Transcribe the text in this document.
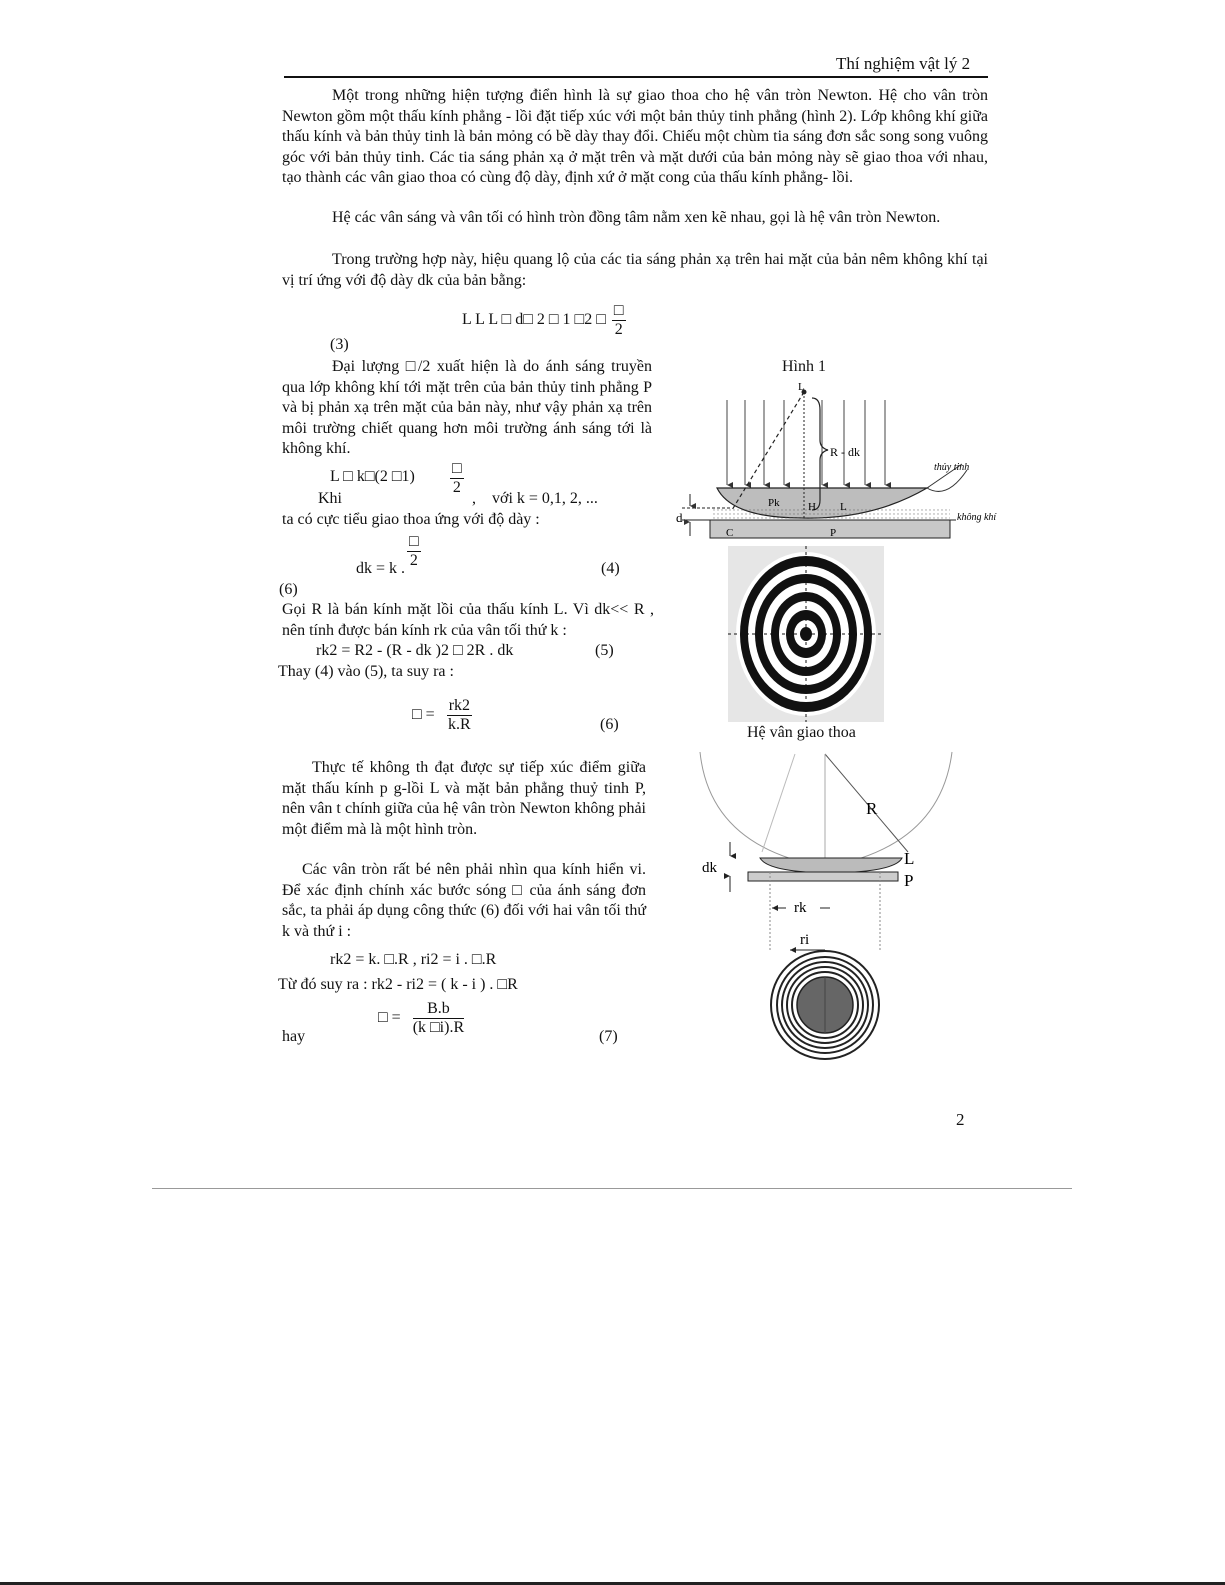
Thí nghiệm vật lý 2

Một trong những hiện tượng điển hình là sự giao thoa cho hệ vân tròn Newton. Hệ cho vân tròn Newton gồm một thấu kính phẳng - lồi đặt tiếp xúc với một bản thủy tinh phẳng (hình 2). Lớp không khí giữa thấu kính và bản thủy tinh là bản mỏng có bề dày thay đổi. Chiếu một chùm tia sáng đơn sắc song song vuông góc với bản thủy tinh. Các tia sáng phản xạ ở mặt trên và mặt dưới của bản mỏng này sẽ giao thoa với nhau, tạo thành các vân giao thoa có cùng độ dày, định xứ ở mặt cong của thấu kính phẳng- lồi.

Hệ các vân sáng và vân tối có hình tròn đồng tâm nằm xen kẽ nhau, gọi là hệ vân tròn Newton.

Trong trường hợp này, hiệu quang lộ của các tia sáng phản xạ trên hai mặt của bản nêm không khí tại vị trí ứng với độ dày dk của bản bằng:

L L L □ d□ 2 □ 1 □2 □ $\frac{□}{2}$
(3)

Đại lượng □/2 xuất hiện là do ánh sáng truyền qua lớp không khí tới mặt trên của bản thủy tinh phẳng P và bị phản xạ trên mặt của bản này, như vậy phản xạ trên môi trường chiết quang hơn môi trường ánh sáng tới là không khí.

L □ k□(2 □1) $\frac{□}{2}$
Khi	,    với k = 0,1, 2, ...
ta có cực tiểu giao thoa ứng với độ dày :
$\frac{□}{2}$
dk = k .	(4)
(6)

Gọi R là bán kính mặt lồi của thấu kính L. Vì dk<< R , nên tính được bán kính rk của vân tối thứ k :

rk2 = R2 - (R - dk )2 □ 2R . dk	(5)
Thay (4) vào (5), ta suy ra :
□ = $\frac{rk2}{k.R}$	(6)

Thực tế không th đạt được sự tiếp xúc điểm giữa mặt thấu kính p g-lồi L và mặt bản phẳng thuỷ tinh P, nên vân t chính giữa của hệ vân tròn Newton không phải một điểm mà là một hình tròn.

Các vân tròn rất bé nên phải nhìn qua kính hiển vi. Để xác định chính xác bước sóng □ của ánh sáng đơn sắc, ta phải áp dụng công thức (6) đối với hai vân tối thứ k và thứ i :

rk2 = k. □.R , ri2 = i . □.R
Từ đó suy ra : rk2 - ri2 = ( k - i ) . □R
hay
□ = $\frac{B.b}{(k □i).R}$	(7)
Hình 1
L
R - dk
thủy tinh
không khí
Pk	H L
P
C
d
Hệ vân giao thoa
R
L
P
dk
rk
ri
2
